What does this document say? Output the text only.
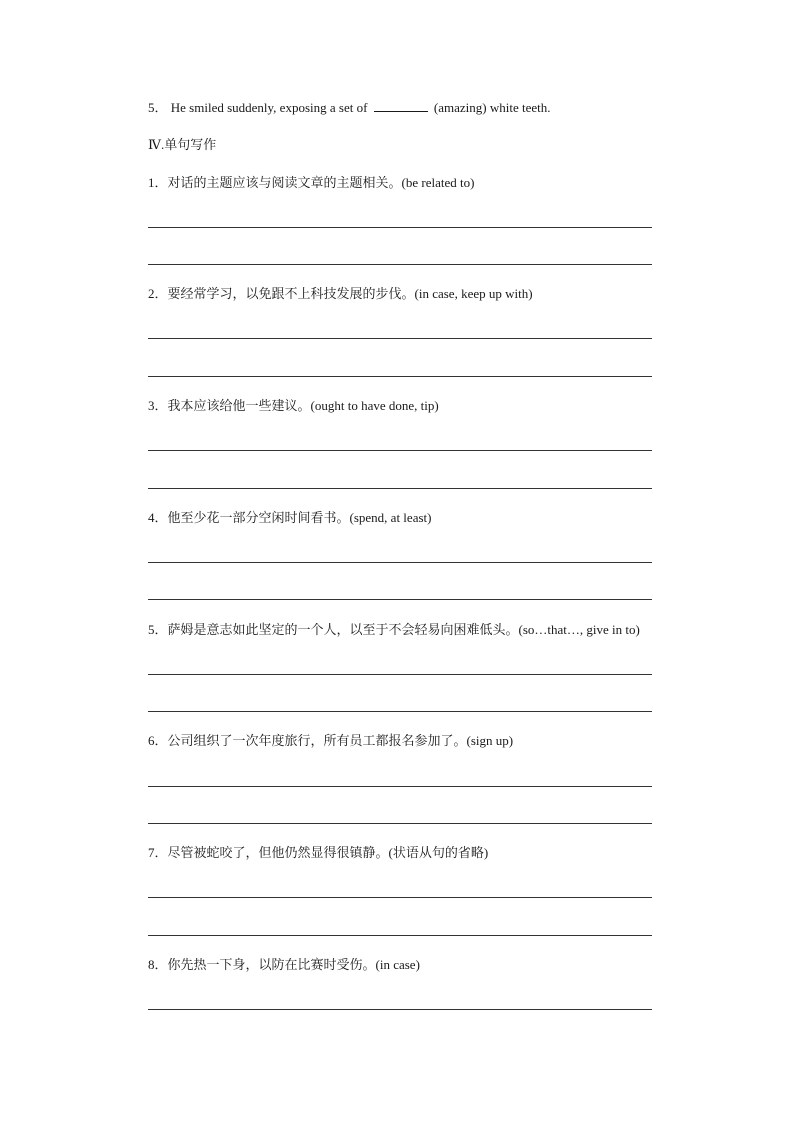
5． He smiled suddenly, exposing a set of	(amazing) white teeth.
Ⅳ.单句写作
1．对话的主题应该与阅读文章的主题相关。(be related to)
2．要经常学习，以免跟不上科技发展的步伐。(in case, keep up with)
3．我本应该给他一些建议。(ought to have done, tip)
4．他至少花一部分空闲时间看书。(spend, at least)
5．萨姆是意志如此坚定的一个人，以至于不会轻易向困难低头。(so…that…, give in to)
6．公司组织了一次年度旅行，所有员工都报名参加了。(sign up)
7．尽管被蛇咬了，但他仍然显得很镇静。(状语从句的省略)
8．你先热一下身，以防在比赛时受伤。(in case)
